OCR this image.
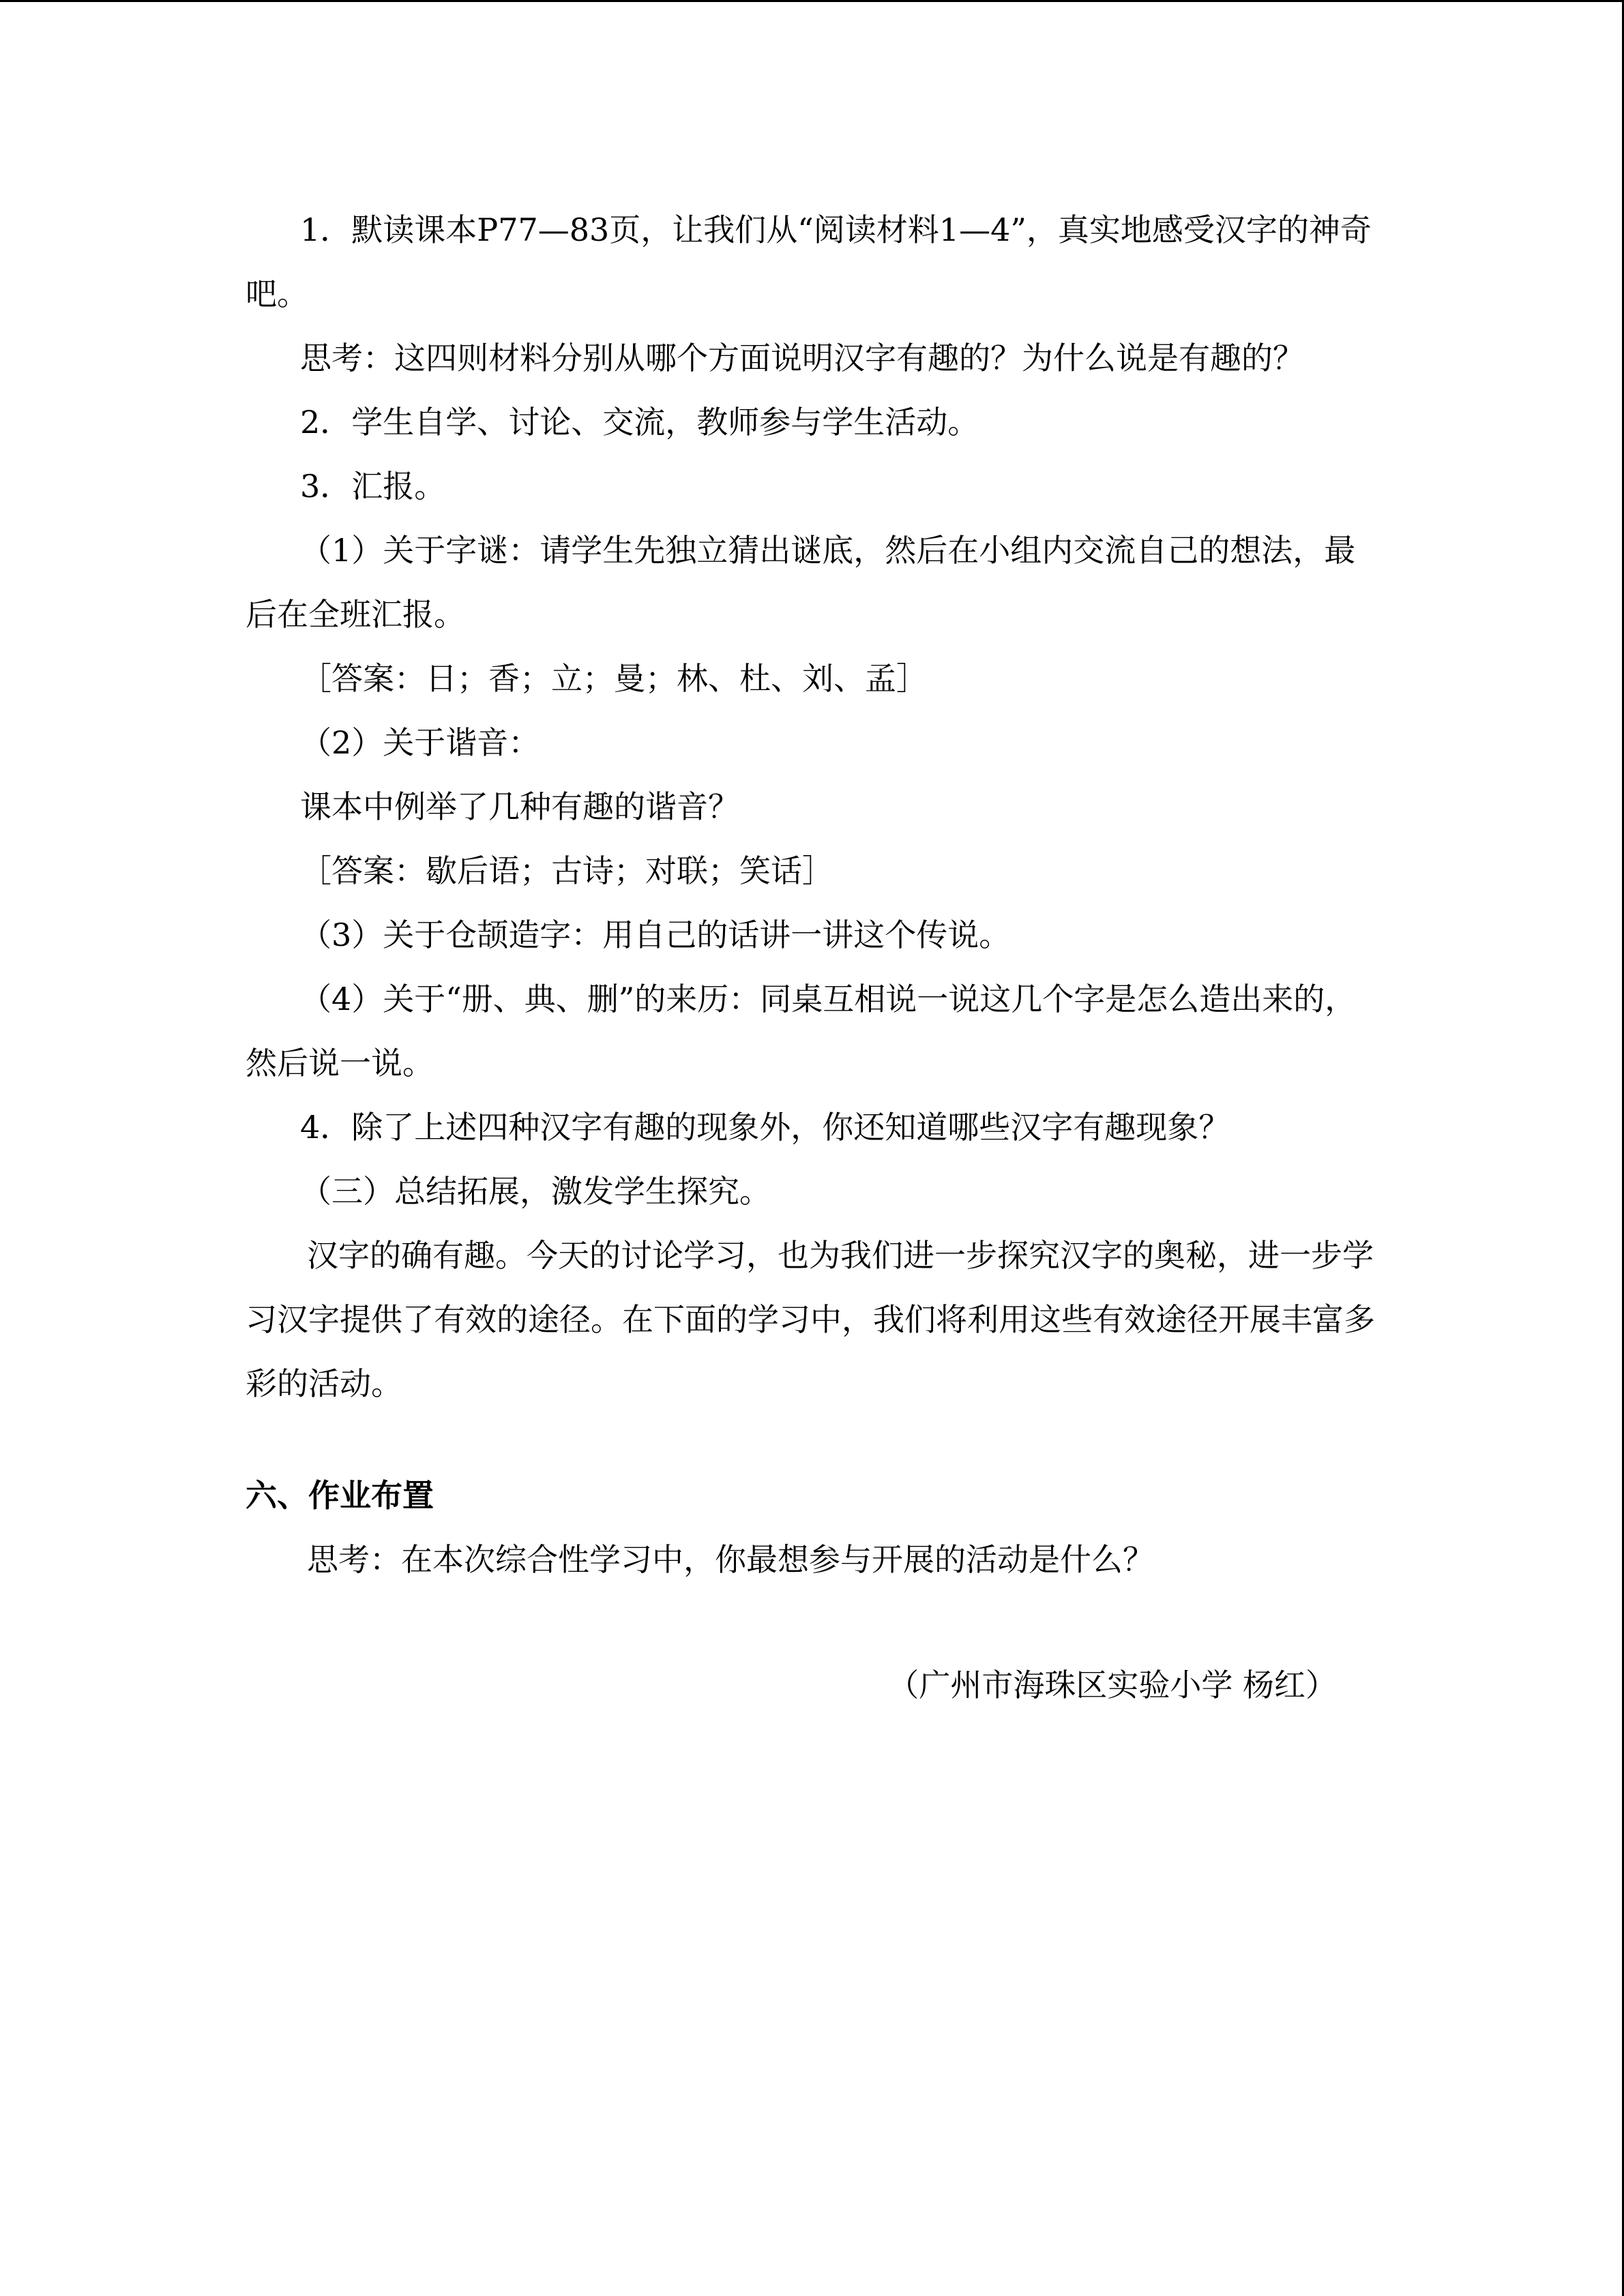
1．默读课本P77—83页，让我们从“阅读材料1—4”，真实地感受汉字的神奇吧。

思考：这四则材料分别从哪个方面说明汉字有趣的？为什么说是有趣的？

2．学生自学、讨论、交流，教师参与学生活动。

3．汇报。

（1）关于字谜：请学生先独立猜出谜底，然后在小组内交流自己的想法，最后在全班汇报。

［答案：日；香；立；曼；林、杜、刘、孟］

（2）关于谐音：

课本中例举了几种有趣的谐音？

［答案：歇后语；古诗；对联；笑话］

（3）关于仓颉造字：用自己的话讲一讲这个传说。

（4）关于“册、典、删”的来历：同桌互相说一说这几个字是怎么造出来的，然后说一说。

4．除了上述四种汉字有趣的现象外，你还知道哪些汉字有趣现象？

（三）总结拓展，激发学生探究。

汉字的确有趣。今天的讨论学习，也为我们进一步探究汉字的奥秘，进一步学习汉字提供了有效的途径。在下面的学习中，我们将利用这些有效途径开展丰富多彩的活动。

六、作业布置

思考：在本次综合性学习中，你最想参与开展的活动是什么？

（广州市海珠区实验小学 杨红）
